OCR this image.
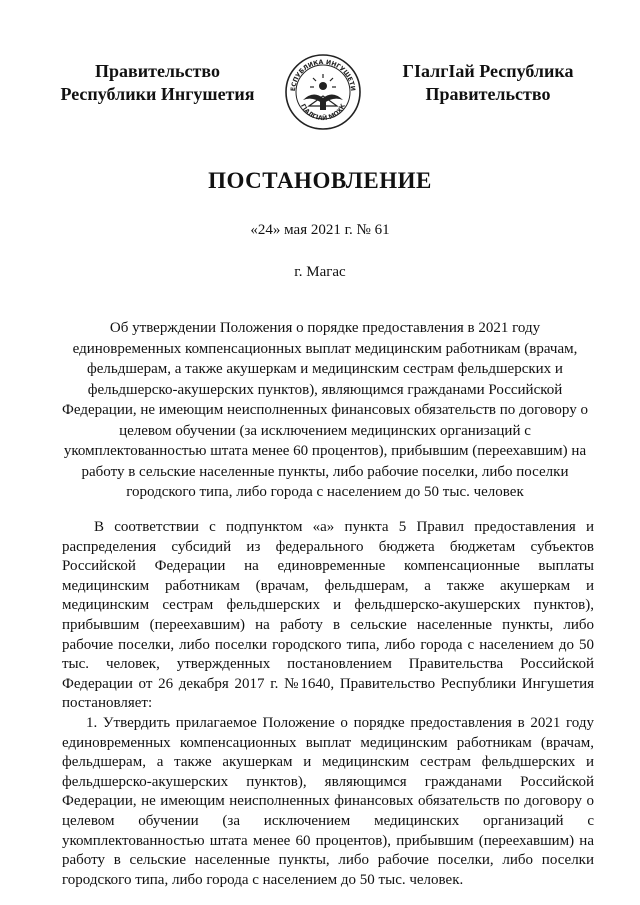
Правительство
Республики Ингушетия	ЕСПУБЛИКА ИНГУШЕТИ
ГIАЛГIАЙ МОХК
ГIалгIай Республика
Правительство
ПОСТАНОВЛЕНИЕ
«24» мая 2021 г. № 61
г. Магас
Об утверждении Положения о порядке предоставления в 2021 году единовременных компенсационных выплат медицинским работникам (врачам, фельдшерам, а также акушеркам и медицинским сестрам фельдшерских и фельдшерско-акушерских пунктов), являющимся гражданами Российской Федерации, не имеющим неисполненных финансовых обязательств по договору о целевом обучении (за исключением медицинских организаций с укомплектованностью штата менее 60 процентов), прибывшим (переехавшим) на работу в сельские населенные пункты, либо рабочие поселки, либо поселки городского типа, либо города с населением до 50 тыс. человек

В соответствии с подпунктом «а» пункта 5 Правил предоставления и распределения субсидий из федерального бюджета бюджетам субъектов Российской Федерации на единовременные компенсационные выплаты медицинским работникам (врачам, фельдшерам, а также акушеркам и медицинским сестрам фельдшерских и фельдшерско-акушерских пунктов), прибывшим (переехавшим) на работу в сельские населенные пункты, либо рабочие поселки, либо поселки городского типа, либо города с населением до 50 тыс. человек, утвержденных постановлением Правительства Российской Федерации от 26 декабря 2017 г. №1640, Правительство Республики Ингушетия постановляет:

1. Утвердить прилагаемое Положение о порядке предоставления в 2021 году единовременных компенсационных выплат медицинским работникам (врачам, фельдшерам, а также акушеркам и медицинским сестрам фельдшерских и фельдшерско-акушерских пунктов), являющимся гражданами Российской Федерации, не имеющим неисполненных финансовых обязательств по договору о целевом обучении (за исключением медицинских организаций с укомплектованностью штата менее 60 процентов), прибывшим (переехавшим) на работу в сельские населенные пункты, либо рабочие поселки, либо поселки городского типа, либо города с населением до 50 тыс. человек.
